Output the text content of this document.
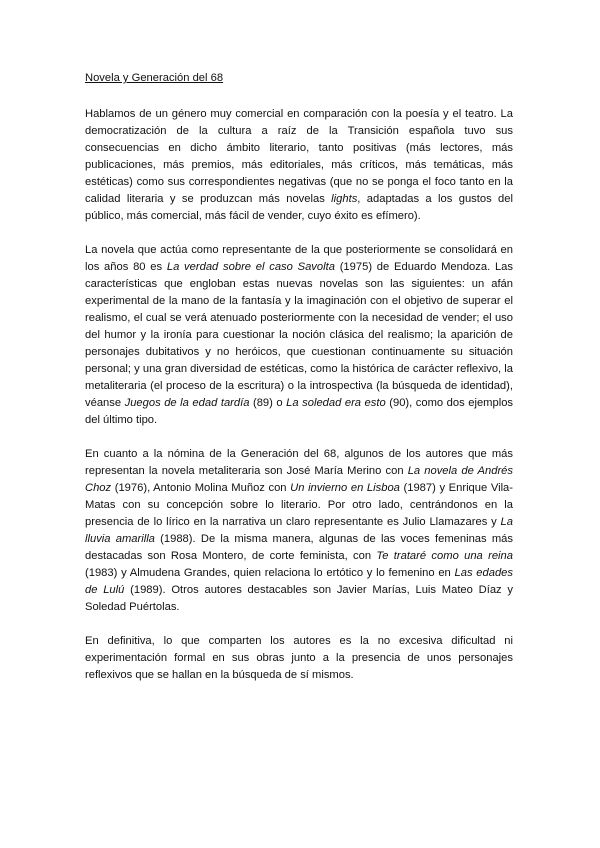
Novela y Generación del 68

Hablamos de un género muy comercial en comparación con la poesía y el teatro. La democratización de la cultura a raíz de la Transición española tuvo sus consecuencias en dicho ámbito literario, tanto positivas (más lectores, más publicaciones, más premios, más editoriales, más críticos, más temáticas, más estéticas) como sus correspondientes negativas (que no se ponga el foco tanto en la calidad literaria y se produzcan más novelas lights, adaptadas a los gustos del público, más comercial, más fácil de vender, cuyo éxito es efímero).

La novela que actúa como representante de la que posteriormente se consolidará en los años 80 es La verdad sobre el caso Savolta (1975) de Eduardo Mendoza. Las características que engloban estas nuevas novelas son las siguientes: un afán experimental de la mano de la fantasía y la imaginación con el objetivo de superar el realismo, el cual se verá atenuado posteriormente con la necesidad de vender; el uso del humor y la ironía para cuestionar la noción clásica del realismo; la aparición de personajes dubitativos y no heróicos, que cuestionan continuamente su situación personal; y una gran diversidad de estéticas, como la histórica de carácter reflexivo, la metaliteraria (el proceso de la escritura) o la introspectiva (la búsqueda de identidad), véanse Juegos de la edad tardía (89) o La soledad era esto (90), como dos ejemplos del último tipo.

En cuanto a la nómina de la Generación del 68, algunos de los autores que más representan la novela metaliteraria son José María Merino con La novela de Andrés Choz (1976), Antonio Molina Muñoz con Un invierno en Lisboa (1987) y Enrique Vila-Matas con su concepción sobre lo literario. Por otro lado, centrándonos en la presencia de lo lírico en la narrativa un claro representante es Julio Llamazares y La lluvia amarilla (1988). De la misma manera, algunas de las voces femeninas más destacadas son Rosa Montero, de corte feminista, con Te trataré como una reina (1983) y Almudena Grandes, quien relaciona lo ertótico y lo femenino en Las edades de Lulú (1989). Otros autores destacables son Javier Marías, Luis Mateo Díaz y Soledad Puértolas.

En definitiva, lo que comparten los autores es la no excesiva dificultad ni experimentación formal en sus obras junto a la presencia de unos personajes reflexivos que se hallan en la búsqueda de sí mismos.
